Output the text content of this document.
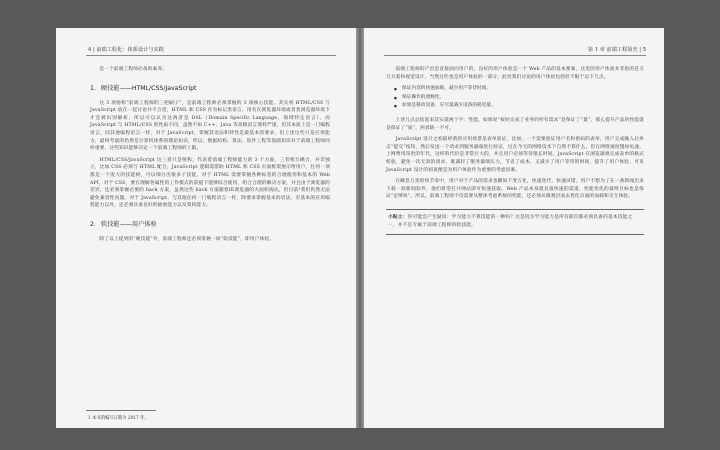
4 | 前端工程化：体系设计与实践

是一个前端工程师必备的素养。

1. 硬技能——HTML/CSS/JavaScript

这 3 项俗称“前端工程师的三把刷子”，是前端工程师必须掌握的 3 项核心技能。其实将 HTML/CSS 与 JavaScript 放在一起讨论并不合适，HTML 和 CSS 作为标记类语言，用有在浏览器环境或者类浏览器环境下才会被识别解析，所以可以认为这两者是 DSL（Domain Specific Language，领域特定语言）。而 JavaScript 与 HTML/CSS 的性质不同，虽然不如 C++、Java 等高级语言那样严谨，但其本质上是一门编程语言，同其他编程语言一样，对于 JavaScript，掌握其语法和特性是最基本的要求，但上述这些只是应用能力，最终考量的仍然是计算机体系的理论知识，所以，数据结构、算法、软件工程等基础知识对于前端工程师同样重要，这些知识能够决定一个前端工程师的上限。

HTML/CSS/JavaScript 这三者只是统称，代表着前端工程师能力的 3 个方面，三者相互耦合，并非独立，比如 CSS 必须与 HTML 配合，JavaScript 逻辑需借助 HTML 和 CSS 页面框架展示给用户。任何一项都是一个庞大的技能树，可以细分出很多子技能，对于 HTML 需要掌握各种标签的合理使用和基本的 Web API，对于 CSS，要在理解各属性的工作模式的前提下能够综合使用，组合合理的解决方案，并且由于浏览器的差异，还必须掌握必要的 hack 方案，虽然这些 hack 方案随着IE浏览器的大面积淘汰，但目前¹我们仍然无法避免兼容性问题。对于 JavaScript，与其他任何一门编程语言一样，除要求掌握基本的语法，有基本的应用编程能力以外，还必须具备良好的抽象能力以及架构能力。

2. 软技能——用户体验

除了以上提到的“硬技能”外，前端工程师还必须掌握一项“软技能”，即用户体验。

1 本书的编写日期为 2017 年。
第 1 章 前端工程简史 | 5

前端工程师的产出是直接面向用户的，良好的用户体验是一个 Web 产品的基本要素，这里的用户体验并非指的是交互方案和视觉设计，当然这些也是用户体验的一部分，此处我们讨论的用户体验包括但不限于以下几点。

● 保证内容的快速加载，减少用户等待时间。
● 保证操作的流畅性。
● 如果是移动设备，应尽量减少设备的耗电量。

上述几点总结起来其实就两个字：性能。如果说“按时完成了业务的所有需求”是保证了“量”，那么提升产品的性能就是保证了“质”，两者缺一不可。

JavaScript 设计之初最经典的应用场景是表单验证，比如，一个需要验证用户名和密码的表单，用户完成输入后单击“提交”按钮，然后发送一个请求到服务器端进行验证，这在今天的网络技术下自然不算什么，但在网络速度慢如龟速、上网费用昂贵的年代，这样的代价是非常巨大的，并且用户必须等待很长时间。JavaScript 在浏览器端完成表单的格式校验，避免一次无效的请求，既减轻了服务器端压力，节省了成本，又减少了用户等待的时间，提升了用户体验。可见 JavaScript 设计的初衷便是为用户体验作为重要的考虑因素。

在瞬息万变的快节奏中，用户对于产品的需求也瞬间千变万化，快速迭代、快速试错，用户不想为了在一条新闻出来下载一款新闻软件，他们希望打开网站即可快速获取。Web 产品本身就具备快速的渠道，性能优化的最终目标也是保证“足够快”。所以，前端工程师不仅需要从整体考虑系统的性能，还必须从微观层面去优化页面的加载和交互体验。

小贴士：你可能会产生疑问：学习能力不算技能的一种吗？这是因为学习能力是所有职位都必须具备的基本技能之一，并不是专属于前端工程师的软技能。
